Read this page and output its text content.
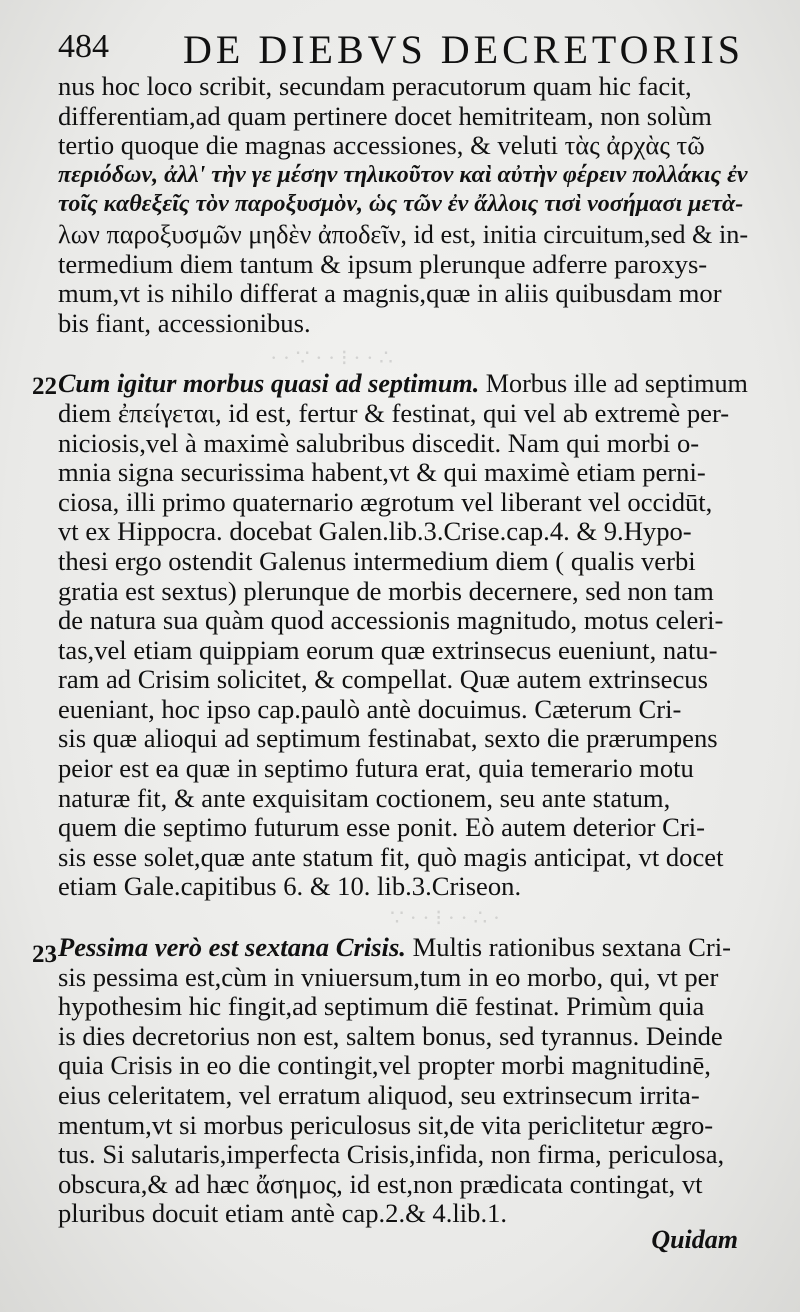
∴ · · ⁝ · · ∵ · ·
· ∴ · · ⁝ · · ∵
484 DE DIEBVS DECRETORIIS
nus hoc loco scribit, secundam peracutorum quam hic facit,
differentiam,ad quam pertinere docet hemitriteam, non solùm
tertio quoque die magnas accessiones, & veluti τὰς ἀρχὰς τῶ
περιόδων, ἀλλ' τὴν γε μέσην τηλικοῦτον καὶ αὐτὴν φέρειν πολλάκις ἐν
τοῖς καθεξεῖς τὸν παροξυσμὸν, ὡς τῶν ἐν ἄλλοις τισὶ νοσήμασι μετὰ-
λων παροξυσμῶν μηδὲν ἀποδεῖν, id est, initia circuitum,sed & in-
termedium diem tantum & ipsum plerunque adferre paroxys-
mum,vt is nihilo differat a magnis,quæ in aliis quibusdam mor
bis fiant, accessionibus.
Cum igitur morbus quasi ad septimum. Morbus ille ad septimum
diem ἐπείγεται, id est, fertur & festinat, qui vel ab extremè per-
niciosis,vel à maximè salubribus discedit. Nam qui morbi o-
mnia signa securissima habent,vt & qui maximè etiam perni-
ciosa, illi primo quaternario ægrotum vel liberant vel occidūt,
vt ex Hippocra. docebat Galen.lib.3.Crise.cap.4. & 9.Hypo-
thesi ergo ostendit Galenus intermedium diem ( qualis verbi
gratia est sextus) plerunque de morbis decernere, sed non tam
de natura sua quàm quod accessionis magnitudo, motus celeri-
tas,vel etiam quippiam eorum quæ extrinsecus eueniunt, natu-
ram ad Crisim solicitet, & compellat. Quæ autem extrinsecus
eueniant, hoc ipso cap.paulò antè docuimus. Cæterum Cri-
sis quæ alioqui ad septimum festinabat, sexto die prærumpens
peior est ea quæ in septimo futura erat, quia temerario motu
naturæ fit, & ante exquisitam coctionem, seu ante statum,
quem die septimo futurum esse ponit. Eò autem deterior Cri-
sis esse solet,quæ ante statum fit, quò magis anticipat, vt docet
etiam Gale.capitibus 6. & 10. lib.3.Criseon.
Pessima verò est sextana Crisis. Multis rationibus sextana Cri-
sis pessima est,cùm in vniuersum,tum in eo morbo, qui, vt per
hypothesim hic fingit,ad septimum diē festinat. Primùm quia
is dies decretorius non est, saltem bonus, sed tyrannus. Deinde
quia Crisis in eo die contingit,vel propter morbi magnitudinē,
eius celeritatem, vel erratum aliquod, seu extrinsecum irrita-
mentum,vt si morbus periculosus sit,de vita periclitetur ægro-
tus. Si salutaris,imperfecta Crisis,infida, non firma, periculosa,
obscura,& ad hæc ἄσημος, id est,non prædicata contingat, vt
pluribus docuit etiam antè cap.2.& 4.lib.1.
22
23
Quidam
